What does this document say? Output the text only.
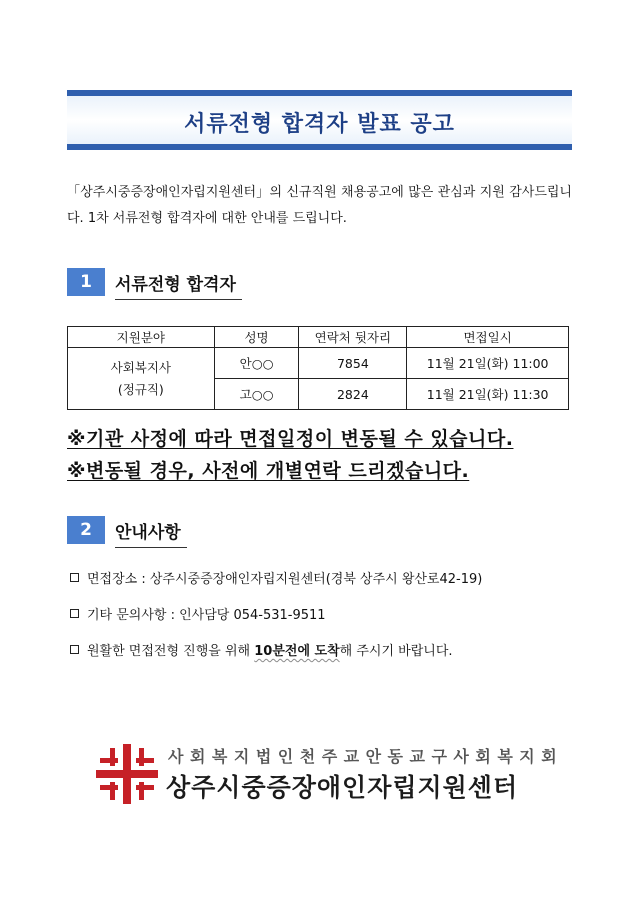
서류전형 합격자 발표 공고
「상주시중증장애인자립지원센터」의 신규직원 채용공고에 많은 관심과 지원 감사드립니다. 1차 서류전형 합격자에 대한 안내를 드립니다.
1	서류전형 합격자
지원분야	성명	연락처 뒷자리	면접일시

사회복지사
(정규직)	안○○	7854	11월 21일(화) 11:00
	고○○	2824	11월 21일(화) 11:30
※기관 사정에 따라 면접일정이 변동될 수 있습니다.
※변동될 경우, 사전에 개별연락 드리겠습니다.
2	안내사항
면접장소 : 상주시중증장애인자립지원센터(경북 상주시 왕산로42-19)
기타 문의사항 : 인사담당 054-531-9511
원활한 면접전형 진행을 위해 10분전에 도착해 주시기 바랍니다.
사회복지법인천주교안동교구사회복지회
상주시중증장애인자립지원센터
